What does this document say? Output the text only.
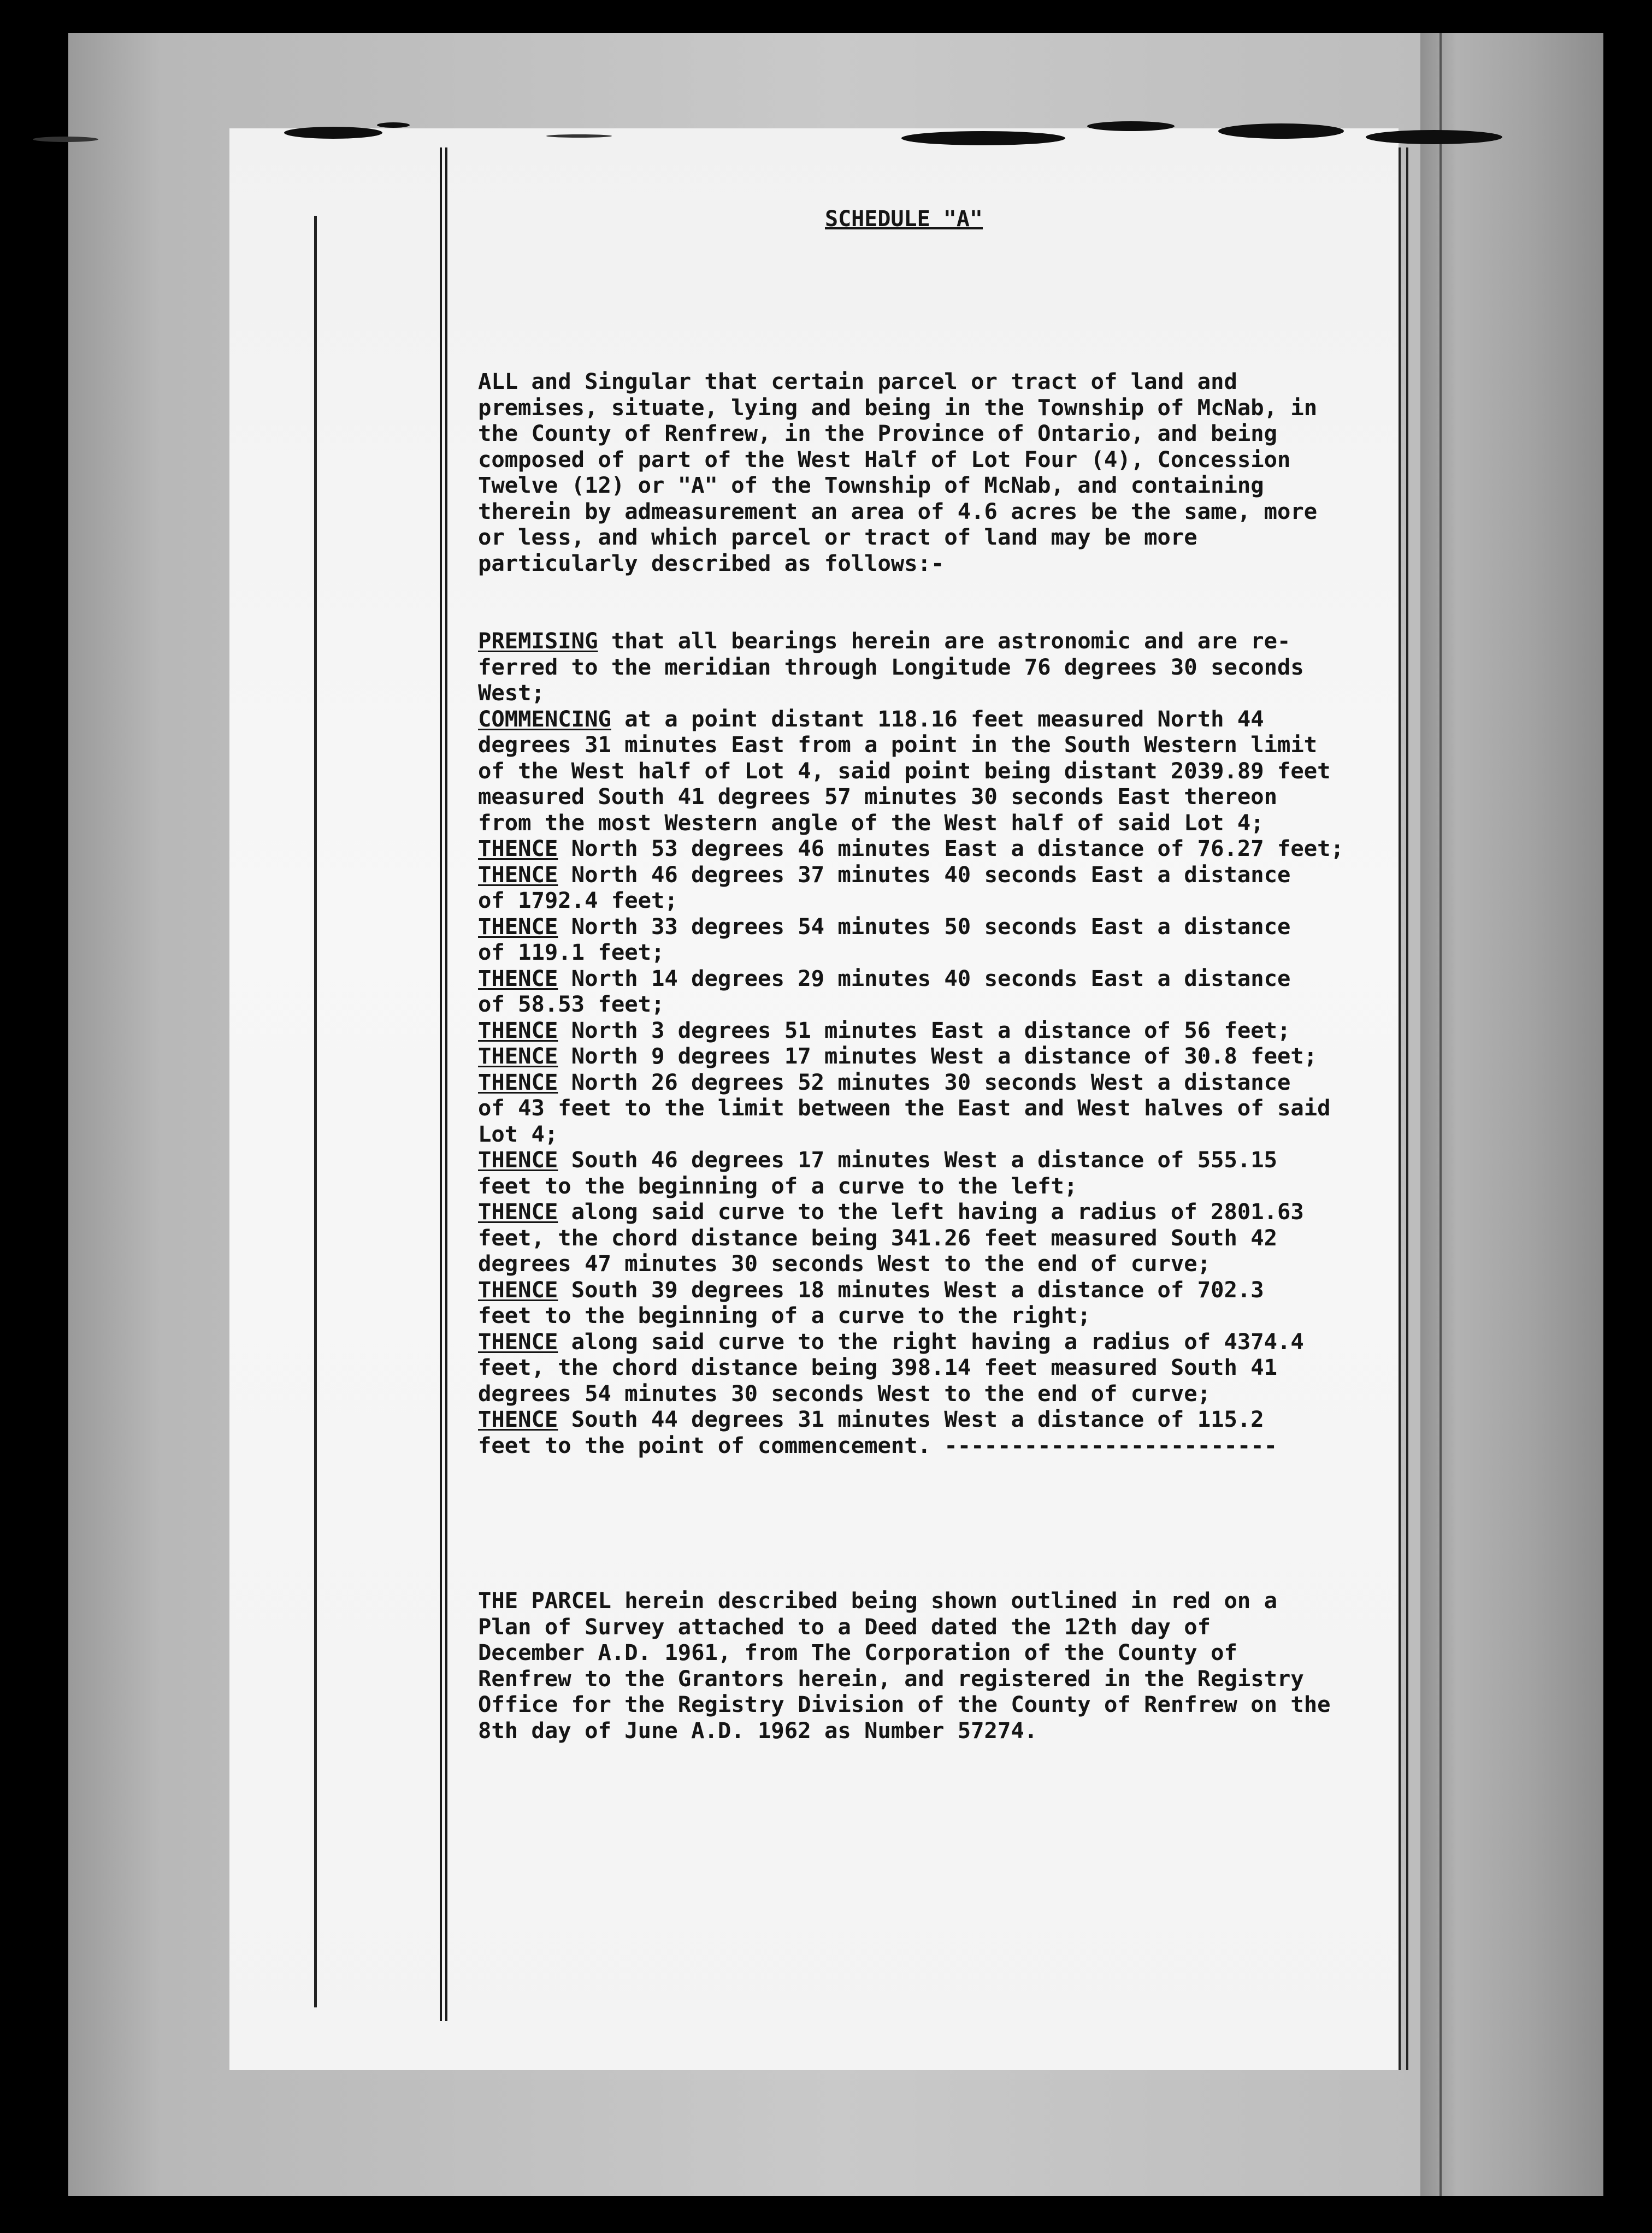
SCHEDULE "A"

ALL and Singular that certain parcel or tract of land and
premises, situate, lying and being in the Township of McNab, in
the County of Renfrew, in the Province of Ontario, and being
composed of part of the West Half of Lot Four (4), Concession
Twelve (12) or "A" of the Township of McNab, and containing
therein by admeasurement an area of 4.6 acres be the same, more
or less, and which parcel or tract of land may be more
particularly described as follows:-

PREMISING that all bearings herein are astronomic and are re-
ferred to the meridian through Longitude 76 degrees 30 seconds
West;
COMMENCING at a point distant 118.16 feet measured North 44
degrees 31 minutes East from a point in the South Western limit
of the West half of Lot 4, said point being distant 2039.89 feet
measured South 41 degrees 57 minutes 30 seconds East thereon
from the most Western angle of the West half of said Lot 4;
THENCE North 53 degrees 46 minutes East a distance of 76.27 feet;
THENCE North 46 degrees 37 minutes 40 seconds East a distance
of 1792.4 feet;
THENCE North 33 degrees 54 minutes 50 seconds East a distance
of 119.1 feet;
THENCE North 14 degrees 29 minutes 40 seconds East a distance
of 58.53 feet;
THENCE North 3 degrees 51 minutes East a distance of 56 feet;
THENCE North 9 degrees 17 minutes West a distance of 30.8 feet;
THENCE North 26 degrees 52 minutes 30 seconds West a distance
of 43 feet to the limit between the East and West halves of said
Lot 4;
THENCE South 46 degrees 17 minutes West a distance of 555.15
feet to the beginning of a curve to the left;
THENCE along said curve to the left having a radius of 2801.63
feet, the chord distance being 341.26 feet measured South 42
degrees 47 minutes 30 seconds West to the end of curve;
THENCE South 39 degrees 18 minutes West a distance of 702.3
feet to the beginning of a curve to the right;
THENCE along said curve to the right having a radius of 4374.4
feet, the chord distance being 398.14 feet measured South 41
degrees 54 minutes 30 seconds West to the end of curve;
THENCE South 44 degrees 31 minutes West a distance of 115.2
feet to the point of commencement. -------------------------

THE PARCEL herein described being shown outlined in red on a
Plan of Survey attached to a Deed dated the 12th day of
December A.D. 1961, from The Corporation of the County of
Renfrew to the Grantors herein, and registered in the Registry
Office for the Registry Division of the County of Renfrew on the
8th day of June A.D. 1962 as Number 57274.
